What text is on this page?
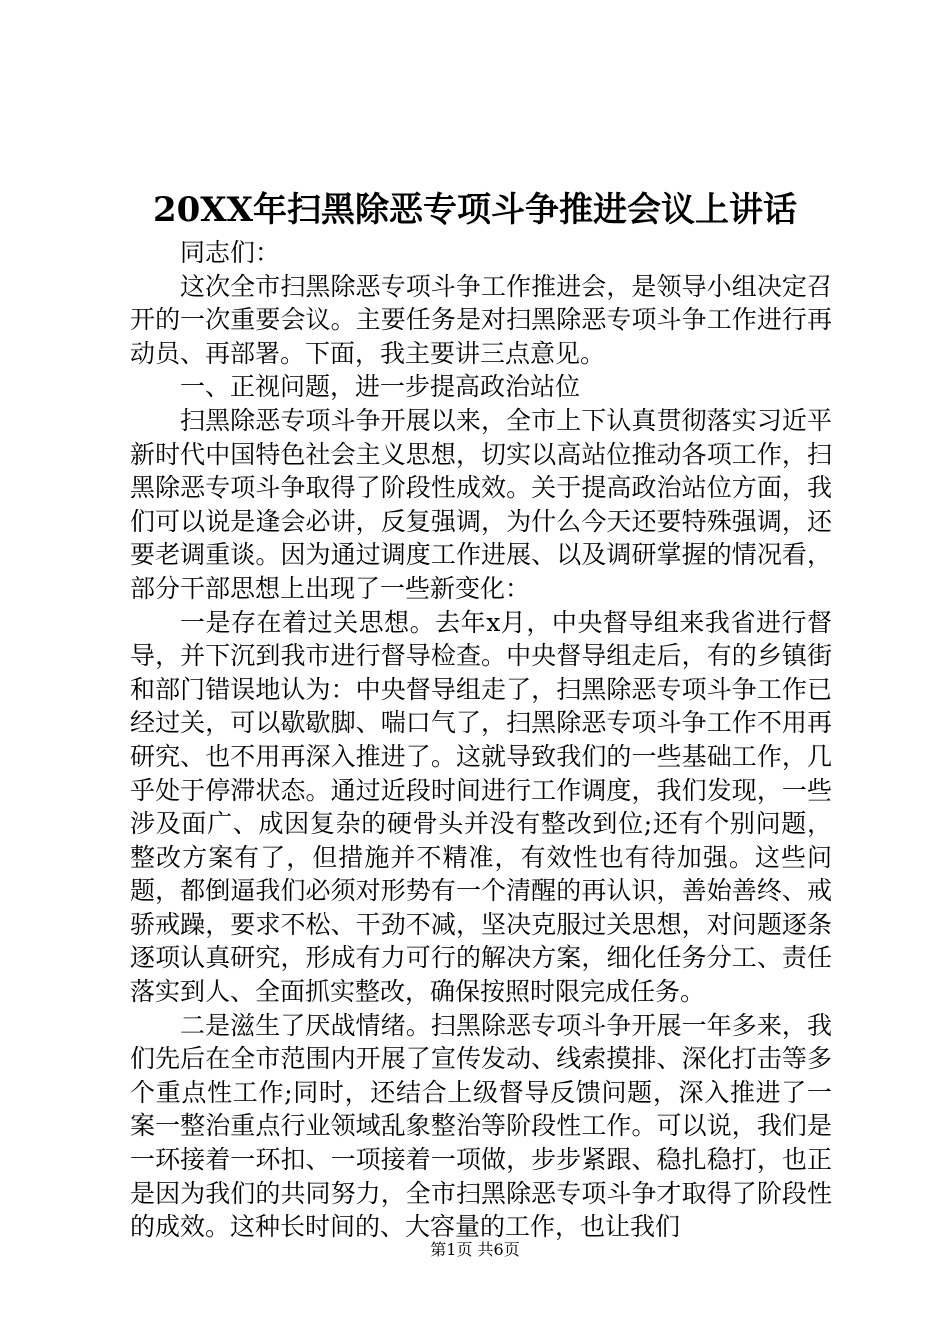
20XX年扫黑除恶专项斗争推进会议上讲话

同志们：

这次全市扫黑除恶专项斗争工作推进会，是领导小组决定召开的一次重要会议。主要任务是对扫黑除恶专项斗争工作进行再动员、再部署。下面，我主要讲三点意见。

一、正视问题，进一步提高政治站位

扫黑除恶专项斗争开展以来，全市上下认真贯彻落实习近平新时代中国特色社会主义思想，切实以高站位推动各项工作，扫黑除恶专项斗争取得了阶段性成效。关于提高政治站位方面，我们可以说是逢会必讲，反复强调，为什么今天还要特殊强调，还要老调重谈。因为通过调度工作进展、以及调研掌握的情况看，部分干部思想上出现了一些新变化：

一是存在着过关思想。去年x月，中央督导组来我省进行督导，并下沉到我市进行督导检查。中央督导组走后，有的乡镇街和部门错误地认为：中央督导组走了，扫黑除恶专项斗争工作已经过关，可以歇歇脚、喘口气了，扫黑除恶专项斗争工作不用再研究、也不用再深入推进了。这就导致我们的一些基础工作，几乎处于停滞状态。通过近段时间进行工作调度，我们发现，一些涉及面广、成因复杂的硬骨头并没有整改到位;还有个别问题，整改方案有了，但措施并不精准，有效性也有待加强。这些问题，都倒逼我们必须对形势有一个清醒的再认识，善始善终、戒骄戒躁，要求不松、干劲不减，坚决克服过关思想，对问题逐条逐项认真研究，形成有力可行的解决方案，细化任务分工、责任落实到人、全面抓实整改，确保按照时限完成任务。

二是滋生了厌战情绪。扫黑除恶专项斗争开展一年多来，我们先后在全市范围内开展了宣传发动、线索摸排、深化打击等多个重点性工作;同时，还结合上级督导反馈问题，深入推进了一案一整治重点行业领域乱象整治等阶段性工作。可以说，我们是一环接着一环扣、一项接着一项做，步步紧跟、稳扎稳打，也正是因为我们的共同努力，全市扫黑除恶专项斗争才取得了阶段性的成效。这种长时间的、大容量的工作，也让我们

第1页 共6页
